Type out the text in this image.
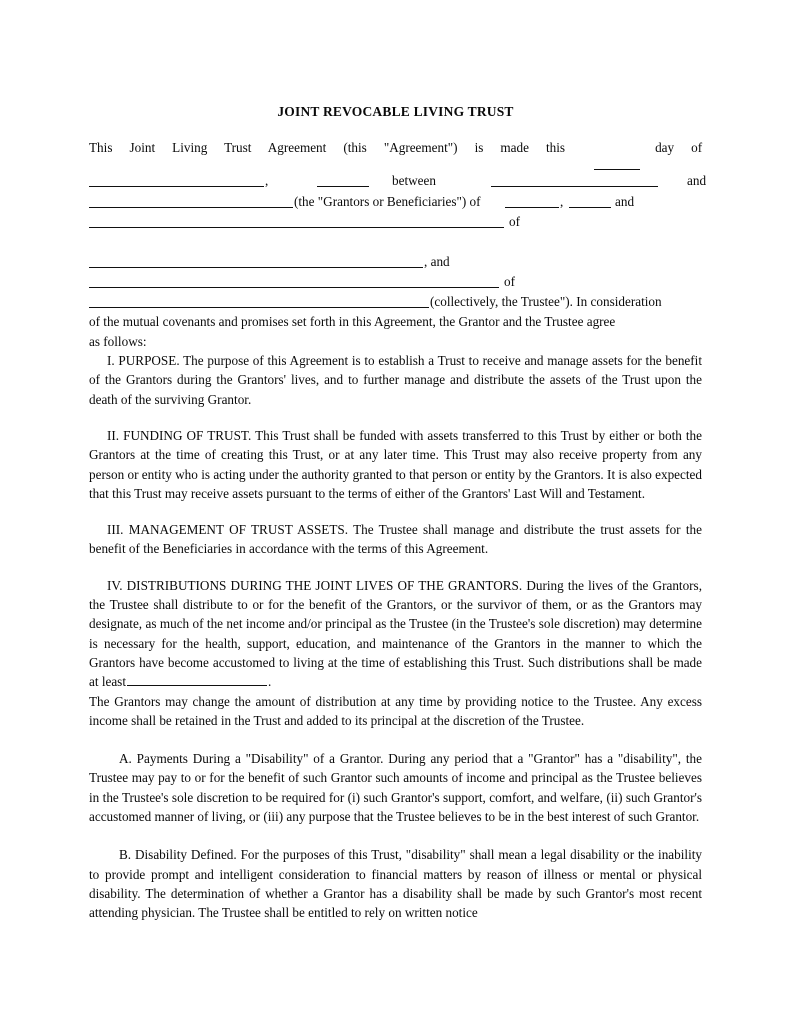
JOINT REVOCABLE LIVING TRUST
This Joint Living Trust Agreement (this "Agreement") is made this	day of
,	between	and
(the "Grantors or Beneficiaries") of	,	and
of
, and
of
(collectively, the Trustee"). In consideration
of the mutual covenants and promises set forth in this Agreement, the Grantor and the Trustee agree
as follows:

I. PURPOSE. The purpose of this Agreement is to establish a Trust to receive and manage assets for the benefit of the Grantors during the Grantors' lives, and to further manage and distribute the assets of the Trust upon the death of the surviving Grantor.

II. FUNDING OF TRUST. This Trust shall be funded with assets transferred to this Trust by either or both the Grantors at the time of creating this Trust, or at any later time. This Trust may also receive property from any person or entity who is acting under the authority granted to that person or entity by the Grantors. It is also expected that this Trust may receive assets pursuant to the terms of either of the Grantors' Last Will and Testament.

III. MANAGEMENT OF TRUST ASSETS. The Trustee shall manage and distribute the trust assets for the benefit of the Beneficiaries in accordance with the terms of this Agreement.

IV. DISTRIBUTIONS DURING THE JOINT LIVES OF THE GRANTORS. During the lives of the Grantors, the Trustee shall distribute to or for the benefit of the Grantors, or the survivor of them, or as the Grantors may designate, as much of the net income and/or principal as the Trustee (in the Trustee's sole discretion) may determine is necessary for the health, support, education, and maintenance of the Grantors in the manner to which the Grantors have become accustomed to living at the time of establishing this Trust. Such distributions shall be made at least	.

The Grantors may change the amount of distribution at any time by providing notice to the Trustee. Any excess income shall be retained in the Trust and added to its principal at the discretion of the Trustee.

A. Payments During a "Disability" of a Grantor. During any period that a "Grantor" has a "disability", the Trustee may pay to or for the benefit of such Grantor such amounts of income and principal as the Trustee believes in the Trustee's sole discretion to be required for (i) such Grantor's support, comfort, and welfare, (ii) such Grantor's accustomed manner of living, or (iii) any purpose that the Trustee believes to be in the best interest of such Grantor.

B. Disability Defined. For the purposes of this Trust, "disability" shall mean a legal disability or the inability to provide prompt and intelligent consideration to financial matters by reason of illness or mental or physical disability. The determination of whether a Grantor has a disability shall be made by such Grantor's most recent attending physician. The Trustee shall be entitled to rely on written notice
